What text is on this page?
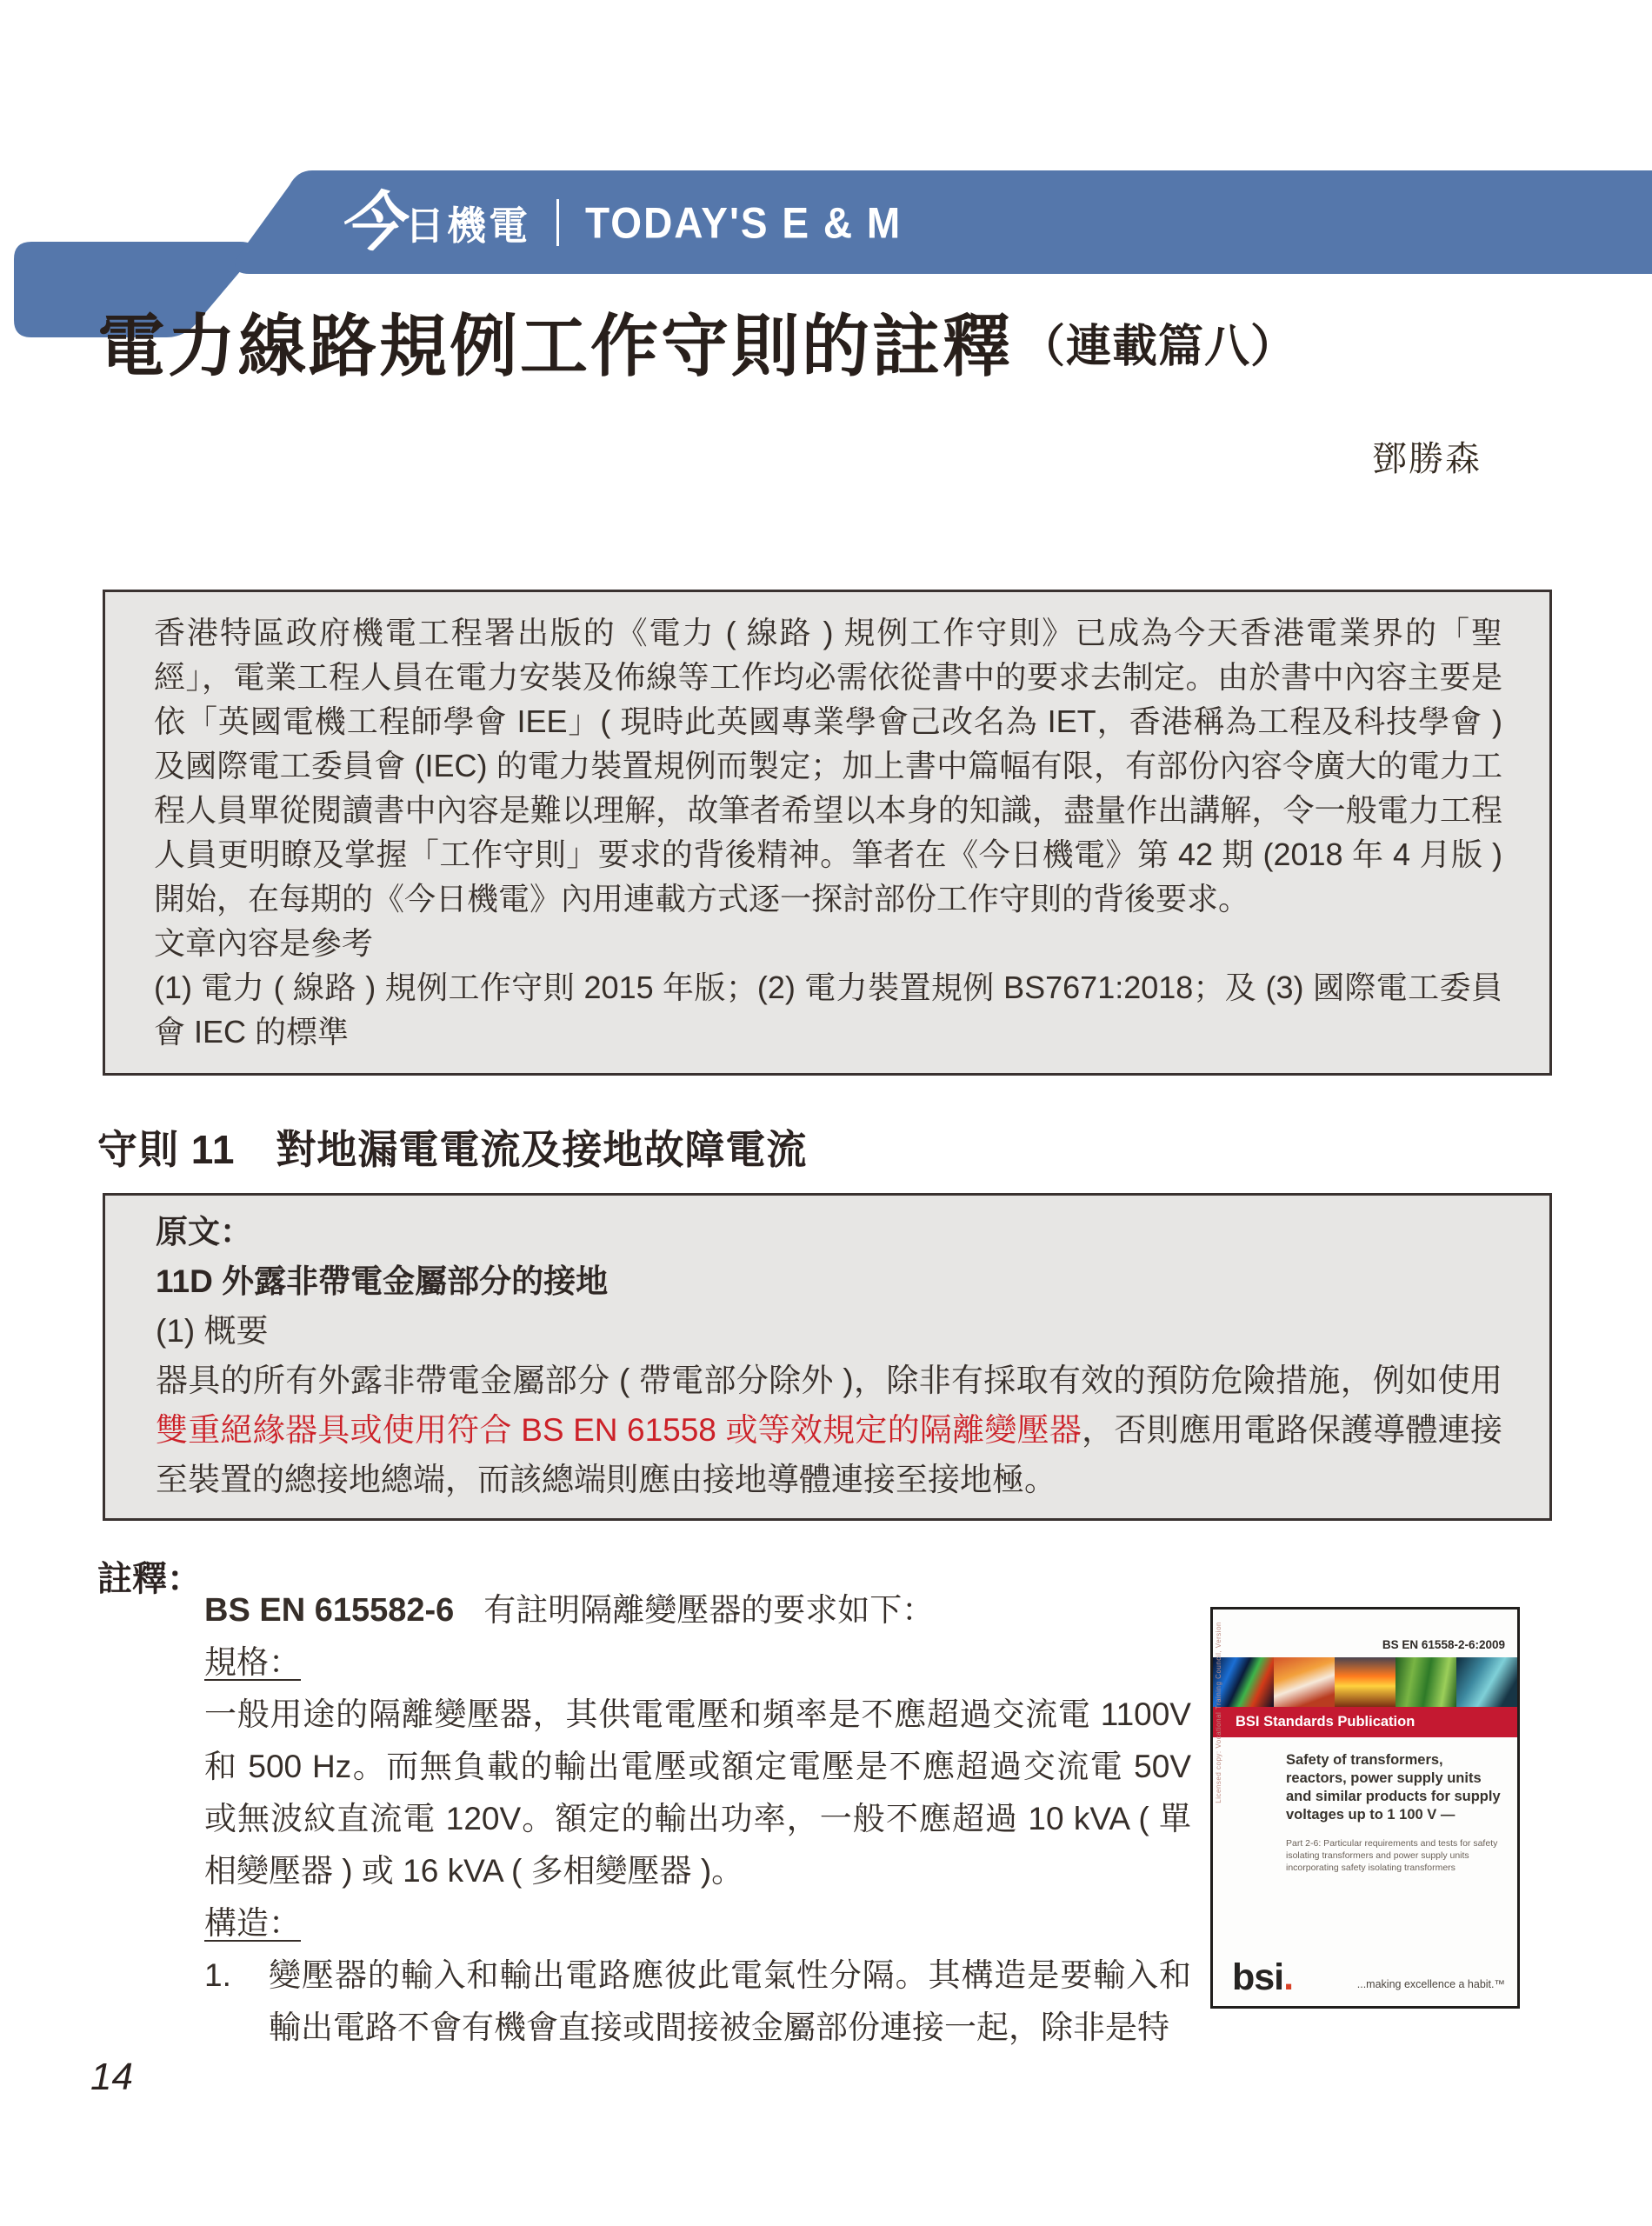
今 日機電 TODAY'S E & M
電力線路規例工作守則的註釋 （連載篇八）
鄧勝森
香港特區政府機電工程署出版的《電力 ( 線路 ) 規例工作守則》已成為今天香港電業界的「聖經」，電業工程人員在電力安裝及佈線等工作均必需依從書中的要求去制定。由於書中內容主要是依「英國電機工程師學會 IEE」( 現時此英國專業學會己改名為 IET，香港稱為工程及科技學會 ) 及國際電工委員會 (IEC) 的電力裝置規例而製定；加上書中篇幅有限，有部份內容令廣大的電力工程人員單從閱讀書中內容是難以理解，故筆者希望以本身的知識，盡量作出講解，令一般電力工程人員更明瞭及掌握「工作守則」要求的背後精神。筆者在《今日機電》第 42 期 (2018 年 4 月版 ) 開始，在每期的《今日機電》內用連載方式逐一探討部份工作守則的背後要求。
文章內容是參考
(1) 電力 ( 線路 ) 規例工作守則 2015 年版；(2) 電力裝置規例 BS7671:2018；及 (3) 國際電工委員會 IEC 的標準
守則 11　對地漏電電流及接地故障電流
原文：
11D 外露非帶電金屬部分的接地
(1) 概要

器具的所有外露非帶電金屬部分 ( 帶電部分除外 )，除非有採取有效的預防危險措施，例如使用雙重絕緣器具或使用符合 BS EN 61558 或等效規定的隔離變壓器，否則應用電路保護導體連接至裝置的總接地總端，而該總端則應由接地導體連接至接地極。

註釋：
BS EN 615582-6 有註明隔離變壓器的要求如下：
規格：

一般用途的隔離變壓器，其供電電壓和頻率是不應超過交流電 1100V 和 500 Hz。而無負載的輸出電壓或額定電壓是不應超過交流電 50V 或無波紋直流電 120V。額定的輸出功率，一般不應超過 10 kVA ( 單相變壓器 ) 或 16 kVA ( 多相變壓器 )。

構造：
1.	變壓器的輸入和輸出電路應彼此電氣性分隔。其構造是要輸入和輸出電路不會有機會直接或間接被金屬部份連接一起，除非是特
Licensed copy: Vocational Training Council, Version	BS EN 61558-2-6:2009
BSI Standards Publication
Safety of transformers, reactors, power supply units and similar products for supply voltages up to 1 100 V —
Part 2-6: Particular requirements and tests for safety isolating transformers and power supply units incorporating safety isolating transformers
bsi.	...making excellence a habit.™
14
